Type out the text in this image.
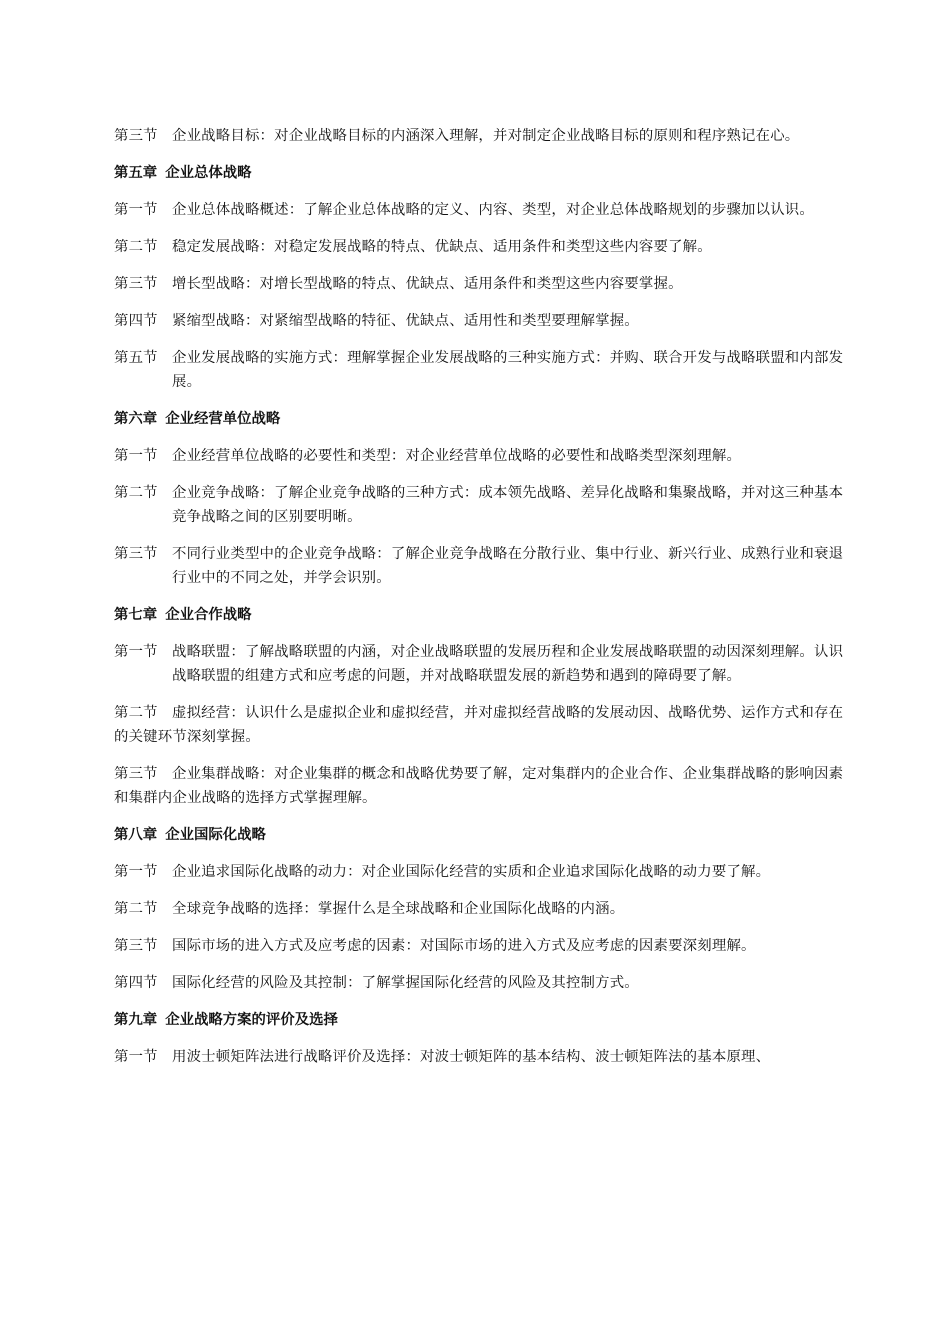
第三节 企业战略目标：对企业战略目标的内涵深入理解，并对制定企业战略目标的原则和程序熟记在心。
第五章 企业总体战略
第一节 企业总体战略概述：了解企业总体战略的定义、内容、类型，对企业总体战略规划的步骤加以认识。
第二节 稳定发展战略：对稳定发展战略的特点、优缺点、适用条件和类型这些内容要了解。
第三节 增长型战略：对增长型战略的特点、优缺点、适用条件和类型这些内容要掌握。
第四节 紧缩型战略：对紧缩型战略的特征、优缺点、适用性和类型要理解掌握。
第五节 企业发展战略的实施方式：理解掌握企业发展战略的三种实施方式：并购、联合开发与战略联盟和内部发展。
第六章 企业经营单位战略
第一节 企业经营单位战略的必要性和类型：对企业经营单位战略的必要性和战略类型深刻理解。
第二节 企业竞争战略：了解企业竞争战略的三种方式：成本领先战略、差异化战略和集聚战略，并对这三种基本竞争战略之间的区别要明晰。
第三节 不同行业类型中的企业竞争战略：了解企业竞争战略在分散行业、集中行业、新兴行业、成熟行业和衰退行业中的不同之处，并学会识别。
第七章 企业合作战略
第一节 战略联盟：了解战略联盟的内涵，对企业战略联盟的发展历程和企业发展战略联盟的动因深刻理解。认识战略联盟的组建方式和应考虑的问题，并对战略联盟发展的新趋势和遇到的障碍要了解。
第二节 虚拟经营：认识什么是虚拟企业和虚拟经营，并对虚拟经营战略的发展动因、战略优势、运作方式和存在的关键环节深刻掌握。
第三节 企业集群战略：对企业集群的概念和战略优势要了解，定对集群内的企业合作、企业集群战略的影响因素和集群内企业战略的选择方式掌握理解。
第八章 企业国际化战略
第一节 企业追求国际化战略的动力：对企业国际化经营的实质和企业追求国际化战略的动力要了解。
第二节 全球竞争战略的选择：掌握什么是全球战略和企业国际化战略的内涵。
第三节 国际市场的进入方式及应考虑的因素：对国际市场的进入方式及应考虑的因素要深刻理解。
第四节 国际化经营的风险及其控制：了解掌握国际化经营的风险及其控制方式。
第九章 企业战略方案的评价及选择
第一节 用波士顿矩阵法进行战略评价及选择：对波士顿矩阵的基本结构、波士顿矩阵法的基本原理、
